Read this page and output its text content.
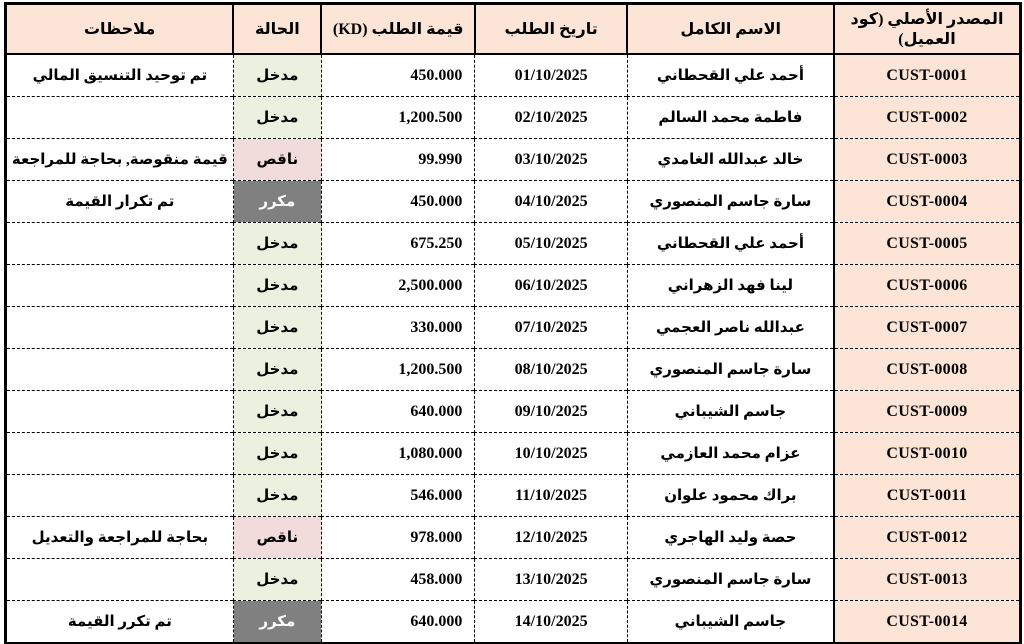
المصدر الأصلي (كود العميل)	الاسم الكامل	تاريخ الطلب	قيمة الطلب (KD)	الحالة	ملاحظات
CUST-0001	أحمد علي القحطاني	01/10/2025	450.000	مدخل	تم توحيد التنسيق المالي
CUST-0002	فاطمة محمد السالم	02/10/2025	1,200.500	مدخل	
CUST-0003	خالد عبدالله الغامدي	03/10/2025	99.990	ناقص	قيمة منقوصة, بحاجة للمراجعة
CUST-0004	سارة جاسم المنصوري	04/10/2025	450.000	مكرر	تم تكرار القيمة
CUST-0005	أحمد علي القحطاني	05/10/2025	675.250	مدخل	
CUST-0006	لينا فهد الزهراني	06/10/2025	2,500.000	مدخل	
CUST-0007	عبدالله ناصر العجمي	07/10/2025	330.000	مدخل	
CUST-0008	سارة جاسم المنصوري	08/10/2025	1,200.500	مدخل	
CUST-0009	جاسم الشيباني	09/10/2025	640.000	مدخل	
CUST-0010	عزام محمد العازمي	10/10/2025	1,080.000	مدخل	
CUST-0011	براك محمود علوان	11/10/2025	546.000	مدخل	
CUST-0012	حصة وليد الهاجري	12/10/2025	978.000	ناقص	بحاجة للمراجعة والتعديل
CUST-0013	سارة جاسم المنصوري	13/10/2025	458.000	مدخل	
CUST-0014	جاسم الشيباني	14/10/2025	640.000	مكرر	تم تكرر القيمة
